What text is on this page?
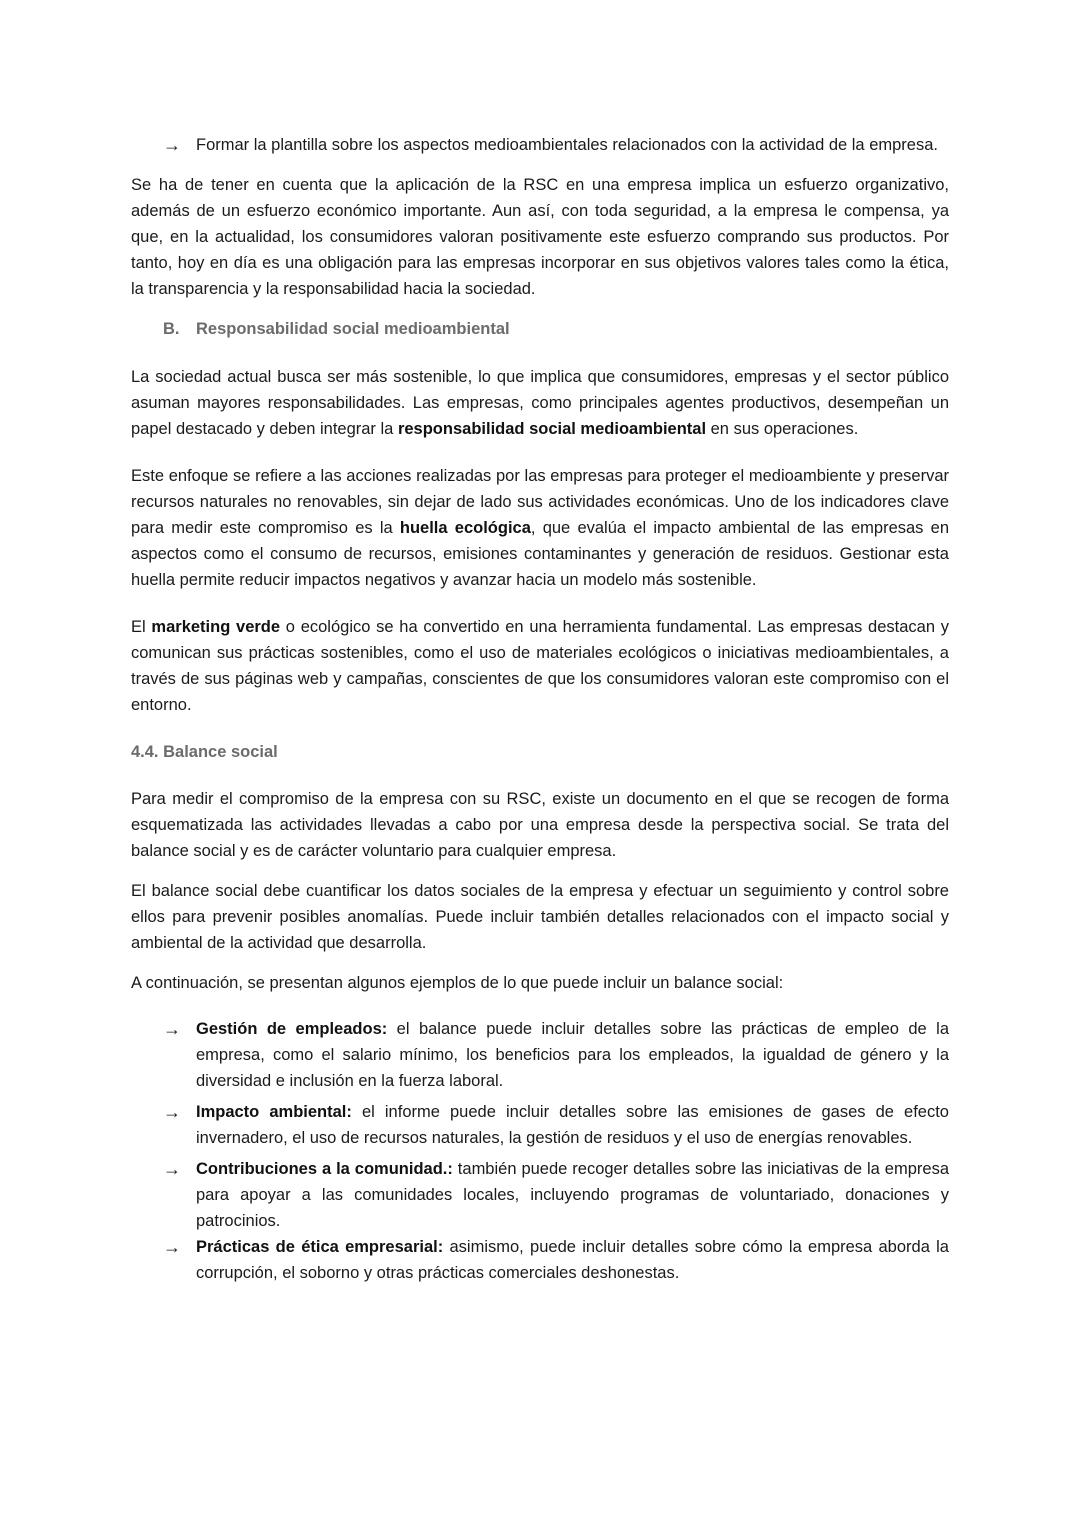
→ Formar la plantilla sobre los aspectos medioambientales relacionados con la actividad de la empresa.

Se ha de tener en cuenta que la aplicación de la RSC en una empresa implica un esfuerzo organizativo, además de un esfuerzo económico importante. Aun así, con toda seguridad, a la empresa le compensa, ya que, en la actualidad, los consumidores valoran positivamente este esfuerzo comprando sus productos. Por tanto, hoy en día es una obligación para las empresas incorporar en sus objetivos valores tales como la ética, la transparencia y la responsabilidad hacia la sociedad.

B. Responsabilidad social medioambiental

La sociedad actual busca ser más sostenible, lo que implica que consumidores, empresas y el sector público asuman mayores responsabilidades. Las empresas, como principales agentes productivos, desempeñan un papel destacado y deben integrar la responsabilidad social medioambiental en sus operaciones.

Este enfoque se refiere a las acciones realizadas por las empresas para proteger el medioambiente y preservar recursos naturales no renovables, sin dejar de lado sus actividades económicas. Uno de los indicadores clave para medir este compromiso es la huella ecológica, que evalúa el impacto ambiental de las empresas en aspectos como el consumo de recursos, emisiones contaminantes y generación de residuos. Gestionar esta huella permite reducir impactos negativos y avanzar hacia un modelo más sostenible.

El marketing verde o ecológico se ha convertido en una herramienta fundamental. Las empresas destacan y comunican sus prácticas sostenibles, como el uso de materiales ecológicos o iniciativas medioambientales, a través de sus páginas web y campañas, conscientes de que los consumidores valoran este compromiso con el entorno.

4.4. Balance social

Para medir el compromiso de la empresa con su RSC, existe un documento en el que se recogen de forma esquematizada las actividades llevadas a cabo por una empresa desde la perspectiva social. Se trata del balance social y es de carácter voluntario para cualquier empresa.

El balance social debe cuantificar los datos sociales de la empresa y efectuar un seguimiento y control sobre ellos para prevenir posibles anomalías. Puede incluir también detalles relacionados con el impacto social y ambiental de la actividad que desarrolla.

A continuación, se presentan algunos ejemplos de lo que puede incluir un balance social:

→ Gestión de empleados: el balance puede incluir detalles sobre las prácticas de empleo de la empresa, como el salario mínimo, los beneficios para los empleados, la igualdad de género y la diversidad e inclusión en la fuerza laboral.
→ Impacto ambiental: el informe puede incluir detalles sobre las emisiones de gases de efecto invernadero, el uso de recursos naturales, la gestión de residuos y el uso de energías renovables.
→ Contribuciones a la comunidad.: también puede recoger detalles sobre las iniciativas de la empresa para apoyar a las comunidades locales, incluyendo programas de voluntariado, donaciones y patrocinios.
→ Prácticas de ética empresarial: asimismo, puede incluir detalles sobre cómo la empresa aborda la corrupción, el soborno y otras prácticas comerciales deshonestas.
